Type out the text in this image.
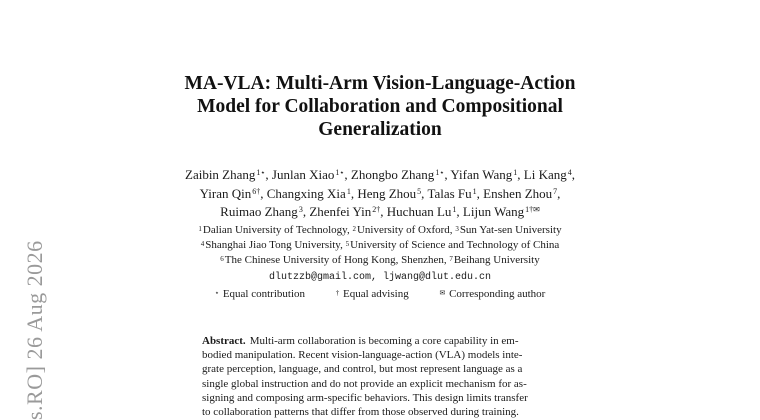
s.RO] 26 Aug 2026
MA-VLA: Multi-Arm Vision-Language-Action
Model for Collaboration and Compositional
Generalization
Zaibin Zhang$^{1⋆}$, Junlan Xiao$^{1⋆}$, Zhongbo Zhang$^{1⋆}$, Yifan Wang$^1$, Li Kang$^4$,
Yiran Qin$^{6\dagger}$, Changxing Xia$^1$, Heng Zhou$^5$, Talas Fu$^1$, Enshen Zhou$^7$,
Ruimao Zhang$^3$, Zhenfei Yin$^{2\dagger}$, Huchuan Lu$^1$, Lijun Wang$^{1\dagger✉}$
$^1$Dalian University of Technology, $^2$University of Oxford, $^3$Sun Yat-sen University
$^4$Shanghai Jiao Tong University, $^5$University of Science and Technology of China
$^6$The Chinese University of Hong Kong, Shenzhen, $^7$Beihang University
dlutzzb@gmail.com, ljwang@dlut.edu.cn
⋆ Equal contribution	† Equal advising	✉ Corresponding author
Abstract. Multi-arm collaboration is becoming a core capability in em-
bodied manipulation. Recent vision-language-action (VLA) models inte-
grate perception, language, and control, but most represent language as a
single global instruction and do not provide an explicit mechanism for as-
signing and composing arm-specific behaviors. This design limits transfer
to collaboration patterns that differ from those observed during training.
